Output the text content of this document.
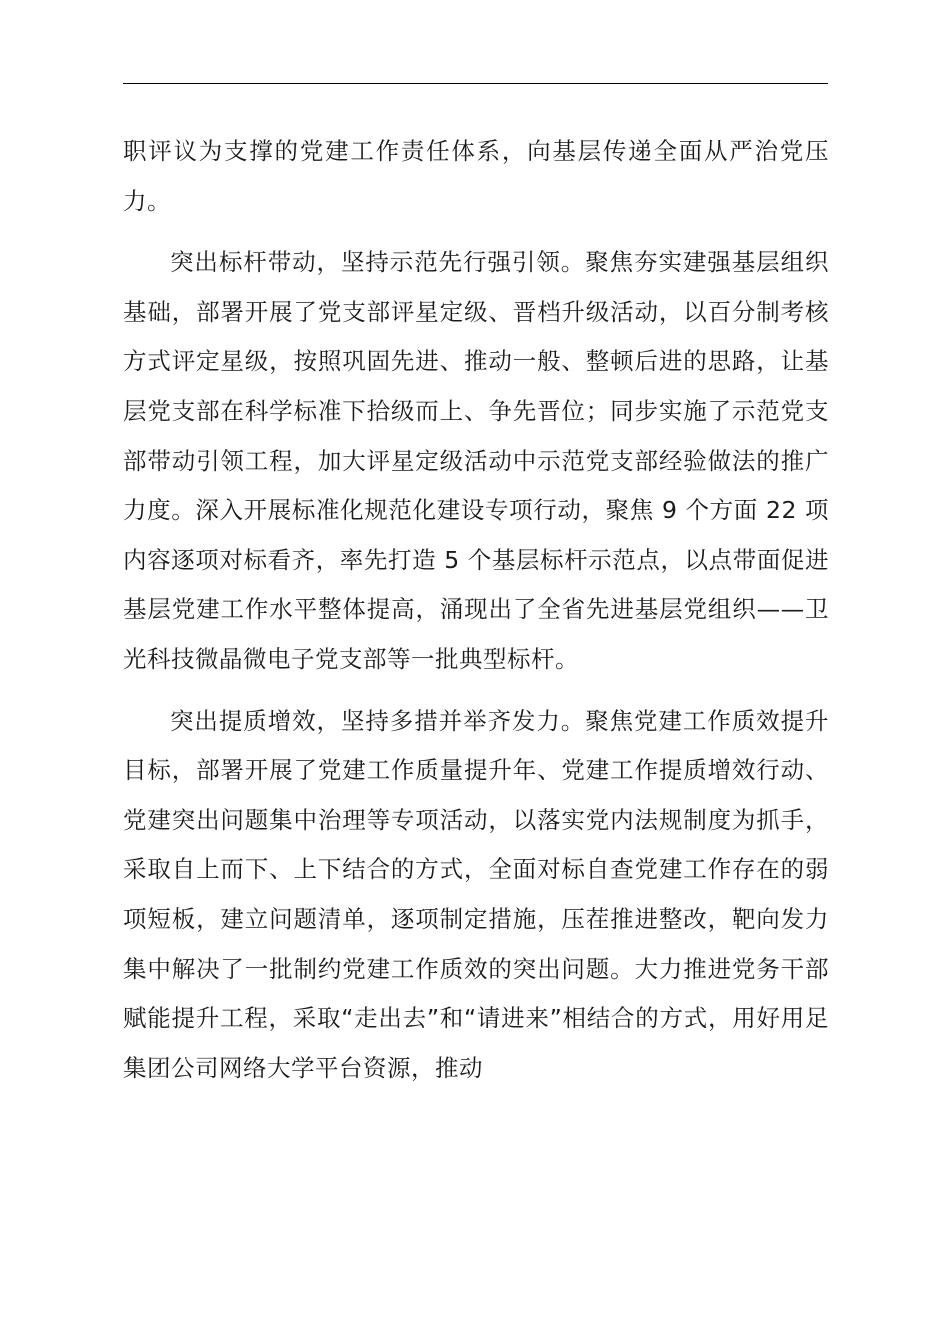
职评议为支撑的党建工作责任体系，向基层传递全面从严治党压力。

突出标杆带动，坚持示范先行强引领。聚焦夯实建强基层组织基础，部署开展了党支部评星定级、晋档升级活动，以百分制考核方式评定星级，按照巩固先进、推动一般、整顿后进的思路，让基层党支部在科学标准下拾级而上、争先晋位；同步实施了示范党支部带动引领工程，加大评星定级活动中示范党支部经验做法的推广力度。深入开展标准化规范化建设专项行动，聚焦 9 个方面 22 项内容逐项对标看齐，率先打造 5 个基层标杆示范点，以点带面促进基层党建工作水平整体提高，涌现出了全省先进基层党组织——卫光科技微晶微电子党支部等一批典型标杆。

突出提质增效，坚持多措并举齐发力。聚焦党建工作质效提升目标，部署开展了党建工作质量提升年、党建工作提质增效行动、党建突出问题集中治理等专项活动，以落实党内法规制度为抓手，采取自上而下、上下结合的方式，全面对标自查党建工作存在的弱项短板，建立问题清单，逐项制定措施，压茬推进整改，靶向发力集中解决了一批制约党建工作质效的突出问题。大力推进党务干部赋能提升工程，采取“走出去”和“请进来”相结合的方式，用好用足集团公司网络大学平台资源，推动
